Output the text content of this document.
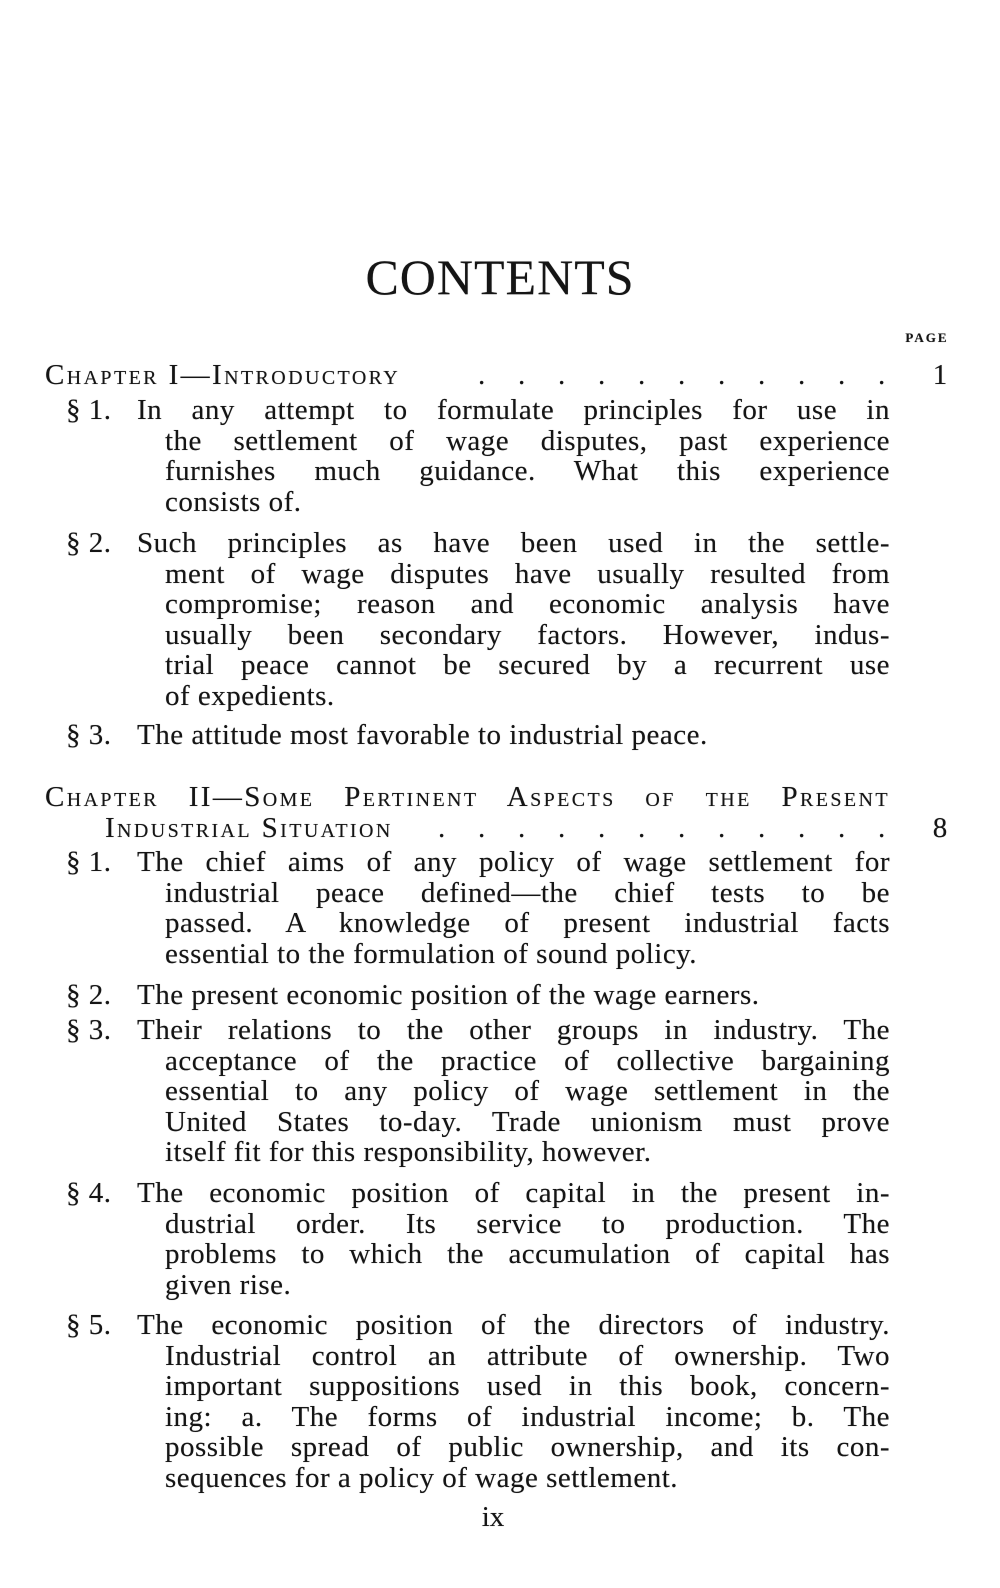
CONTENTS
PAGE
Chapter I—Introductory	. . . . . . . . . . . 1
§ 1. In any attempt to formulate principles for use in
the settlement of wage disputes, past experience
furnishes much guidance. What this experience
consists of.
§ 2. Such principles as have been used in the settle-
ment of wage disputes have usually resulted from
compromise; reason and economic analysis have
usually been secondary factors. However, indus-
trial peace cannot be secured by a recurrent use
of expedients.
§ 3. The attitude most favorable to industrial peace.
Chapter II—Some Pertinent Aspects of the Present
Industrial Situation	. . . . . . . . . . . . 8
§ 1. The chief aims of any policy of wage settlement for
industrial peace defined—the chief tests to be
passed. A knowledge of present industrial facts
essential to the formulation of sound policy.
§ 2. The present economic position of the wage earners.
§ 3. Their relations to the other groups in industry. The
acceptance of the practice of collective bargaining
essential to any policy of wage settlement in the
United States to-day. Trade unionism must prove
itself fit for this responsibility, however.
§ 4. The economic position of capital in the present in-
dustrial order. Its service to production. The
problems to which the accumulation of capital has
given rise.
§ 5. The economic position of the directors of industry.
Industrial control an attribute of ownership. Two
important suppositions used in this book, concern-
ing: a. The forms of industrial income; b. The
possible spread of public ownership, and its con-
sequences for a policy of wage settlement.
ix
